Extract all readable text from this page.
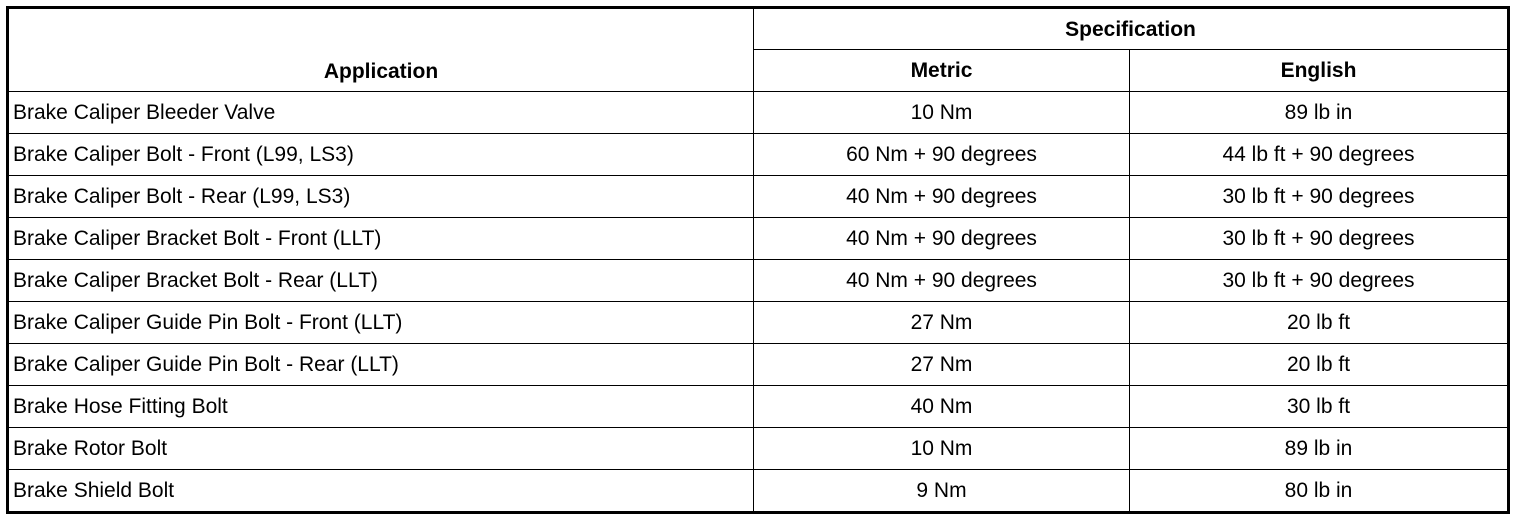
Application	Specification	
	Metric	English
Brake Caliper Bleeder Valve	10 Nm	89 lb in
Brake Caliper Bolt - Front (L99, LS3)	60 Nm + 90 degrees	44 lb ft + 90 degrees
Brake Caliper Bolt - Rear (L99, LS3)	40 Nm + 90 degrees	30 lb ft + 90 degrees
Brake Caliper Bracket Bolt - Front (LLT)	40 Nm + 90 degrees	30 lb ft + 90 degrees
Brake Caliper Bracket Bolt - Rear (LLT)	40 Nm + 90 degrees	30 lb ft + 90 degrees
Brake Caliper Guide Pin Bolt - Front (LLT)	27 Nm	20 lb ft
Brake Caliper Guide Pin Bolt - Rear (LLT)	27 Nm	20 lb ft
Brake Hose Fitting Bolt	40 Nm	30 lb ft
Brake Rotor Bolt	10 Nm	89 lb in
Brake Shield Bolt	9 Nm	80 lb in
